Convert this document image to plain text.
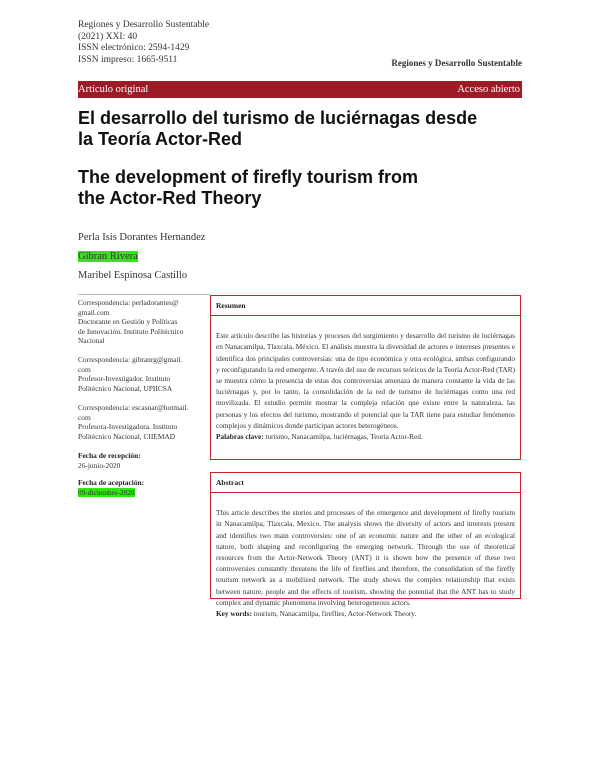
Regiones y Desarrollo Sustentable
(2021) XXI: 40
ISSN electrónico: 2594-1429
ISSN impreso: 1665-9511	Regiones y Desarrollo Sustentable
Artículo original	Acceso abierto
El desarrollo del turismo de luciérnagas desde
la Teoría Actor-Red
The development of firefly tourism from
the Actor-Red Theory
Perla Isis Dorantes Hernandez
Gibran Rivera
Maribel Espinosa Castillo
Correspondencia: perladorantes@
gmail.com
Doctorante en Gestión y Políticas
de Innovación. Instituto Politécnico
Nacional
Correspondencia: gibranrg@gmail.
com
Profesor-Investigador. Instituto
Politécnico Nacional, UPIICSA
Correspondencia: escasnar@hotmail.
com
Profesora-Investigadora. Instituto
Politécnico Nacional, CIIEMAD
Fecha de recepción:
26-junio-2020
Fecha de aceptación:
09-diciembre-2020
Resumen

Este artículo describe las historias y procesos del surgimiento y desarrollo del turismo de luciérnagas en Nanacamilpa, Tlaxcala, México. El análisis muestra la diversidad de actores e intereses presentes e identifica dos principales controversias: una de tipo económica y otra ecológica, ambas configurando y reconfigurando la red emergente. A través del uso de recursos teóricos de la Teoría Actor-Red (TAR) se muestra cómo la presencia de estas dos controversias amenaza de manera constante la vida de las luciérnagas y, por lo tanto, la consolidación de la red de turismo de luciérnagas como una red movilizada. El estudio permite mostrar la compleja relación que existe entre la naturaleza, las personas y los efectos del turismo, mostrando el potencial que la TAR tiene para estudiar fenómenos complejos y dinámicos donde participan actores heterogéneos.

Palabras clave: turismo, Nanacamilpa, luciérnagas, Teoría Actor-Red.

Abstract

This article describes the stories and processes of the emergence and development of firefly tourism in Nanacamilpa, Tlaxcala, Mexico. The analysis shows the diversity of actors and interests present and identifies two main controversies: one of an economic nature and the other of an ecological nature, both shaping and reconfiguring the emerging network. Through the use of theoretical resources from the Actor-Network Theory (ANT) it is shown how the presence of these two controversies constantly threatens the life of fireflies and therefore, the consolidation of the firefly tourism network as a mobilized network. The study shows the complex relationship that exists between nature, people and the effects of tourism, showing the potential that the ANT has to study complex and dynamic phenomena involving heterogeneous actors.

Key words: tourism, Nanacamilpa, fireflies, Actor-Network Theory.
